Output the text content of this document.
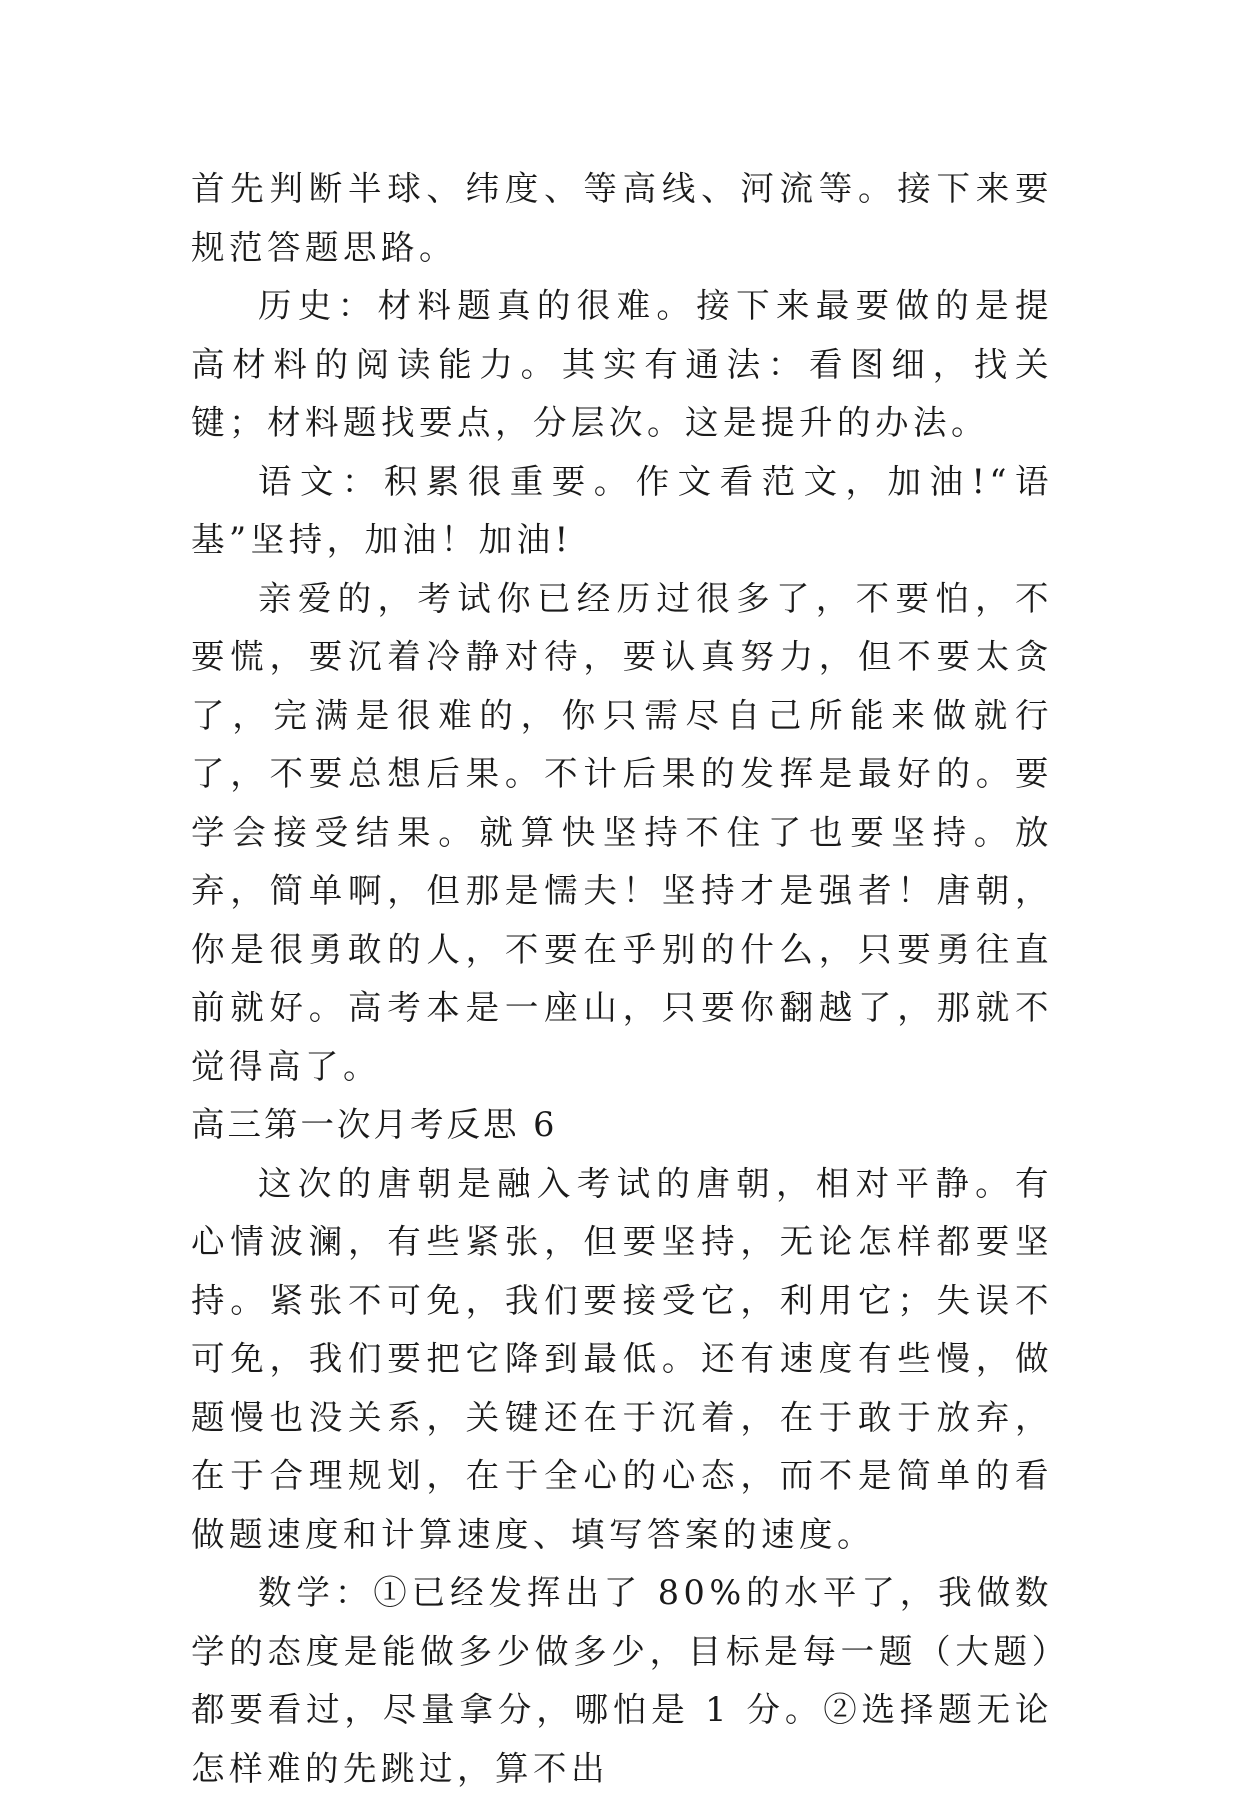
首先判断半球、纬度、等高线、河流等。接下来要规范答题思路。

历史：材料题真的很难。接下来最要做的是提高材料的阅读能力。其实有通法：看图细，找关键；材料题找要点，分层次。这是提升的办法。

语文：积累很重要。作文看范文，加油!“语基”坚持，加油！加油!

亲爱的，考试你已经历过很多了，不要怕，不要慌，要沉着冷静对待，要认真努力，但不要太贪了，完满是很难的，你只需尽自己所能来做就行了，不要总想后果。不计后果的发挥是最好的。要学会接受结果。就算快坚持不住了也要坚持。放弃，简单啊，但那是懦夫！坚持才是强者！唐朝，你是很勇敢的人，不要在乎别的什么，只要勇往直前就好。高考本是一座山，只要你翻越了，那就不觉得高了。

高三第一次月考反思 6

这次的唐朝是融入考试的唐朝，相对平静。有心情波澜，有些紧张，但要坚持，无论怎样都要坚持。紧张不可免，我们要接受它，利用它；失误不可免，我们要把它降到最低。还有速度有些慢，做题慢也没关系，关键还在于沉着，在于敢于放弃，在于合理规划，在于全心的心态，而不是简单的看做题速度和计算速度、填写答案的速度。

数学：①已经发挥出了 80%的水平了，我做数学的态度是能做多少做多少，目标是每一题（大题）都要看过，尽量拿分，哪怕是 1 分。②选择题无论怎样难的先跳过，算不出
